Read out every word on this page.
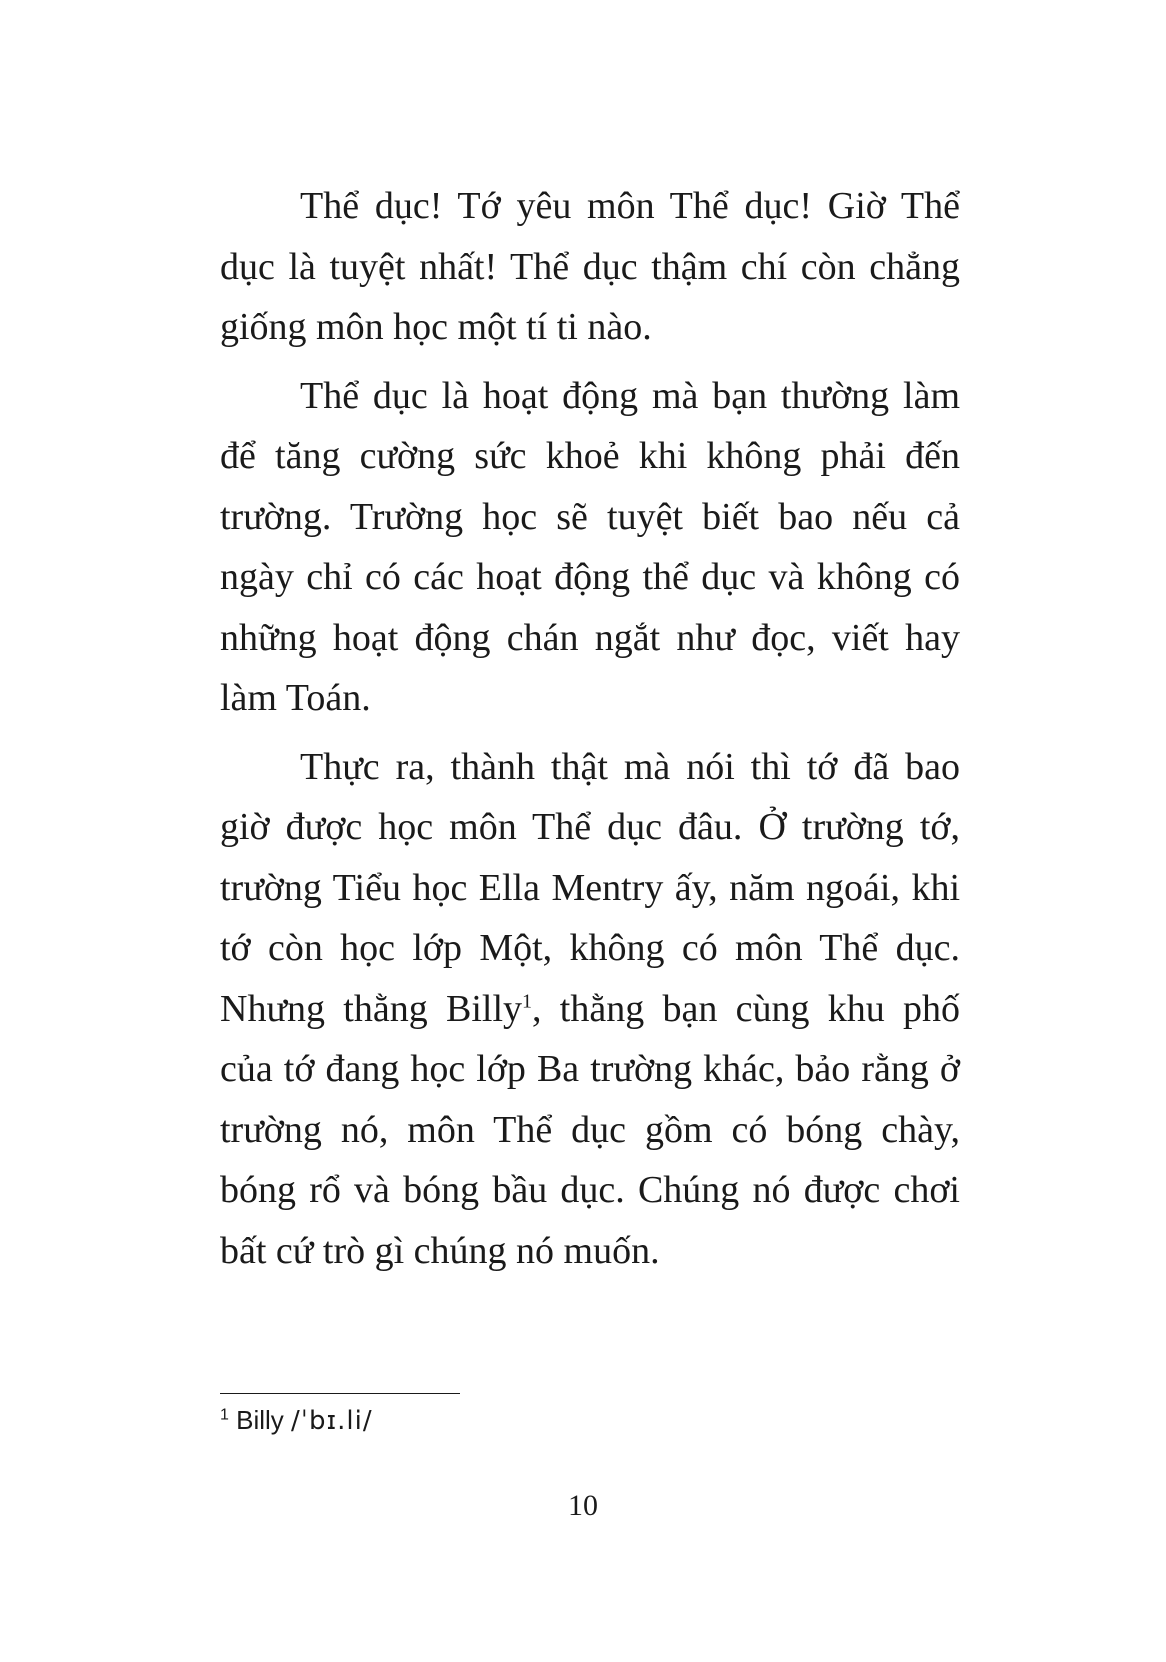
Thể dục! Tớ yêu môn Thể dục! Giờ Thể dục là tuyệt nhất! Thể dục thậm chí còn chẳng giống môn học một tí ti nào.

Thể dục là hoạt động mà bạn thường làm để tăng cường sức khoẻ khi không phải đến trường. Trường học sẽ tuyệt biết bao nếu cả ngày chỉ có các hoạt động thể dục và không có những hoạt động chán ngắt như đọc, viết hay làm Toán.

Thực ra, thành thật mà nói thì tớ đã bao giờ được học môn Thể dục đâu. Ở trường tớ, trường Tiểu học Ella Mentry ấy, năm ngoái, khi tớ còn học lớp Một, không có môn Thể dục. Nhưng thằng Billy$^1$, thằng bạn cùng khu phố của tớ đang học lớp Ba trường khác, bảo rằng ở trường nó, môn Thể dục gồm có bóng chày, bóng rổ và bóng bầu dục. Chúng nó được chơi bất cứ trò gì chúng nó muốn.

$^1$ Billy /ˈbɪ.li/
10
